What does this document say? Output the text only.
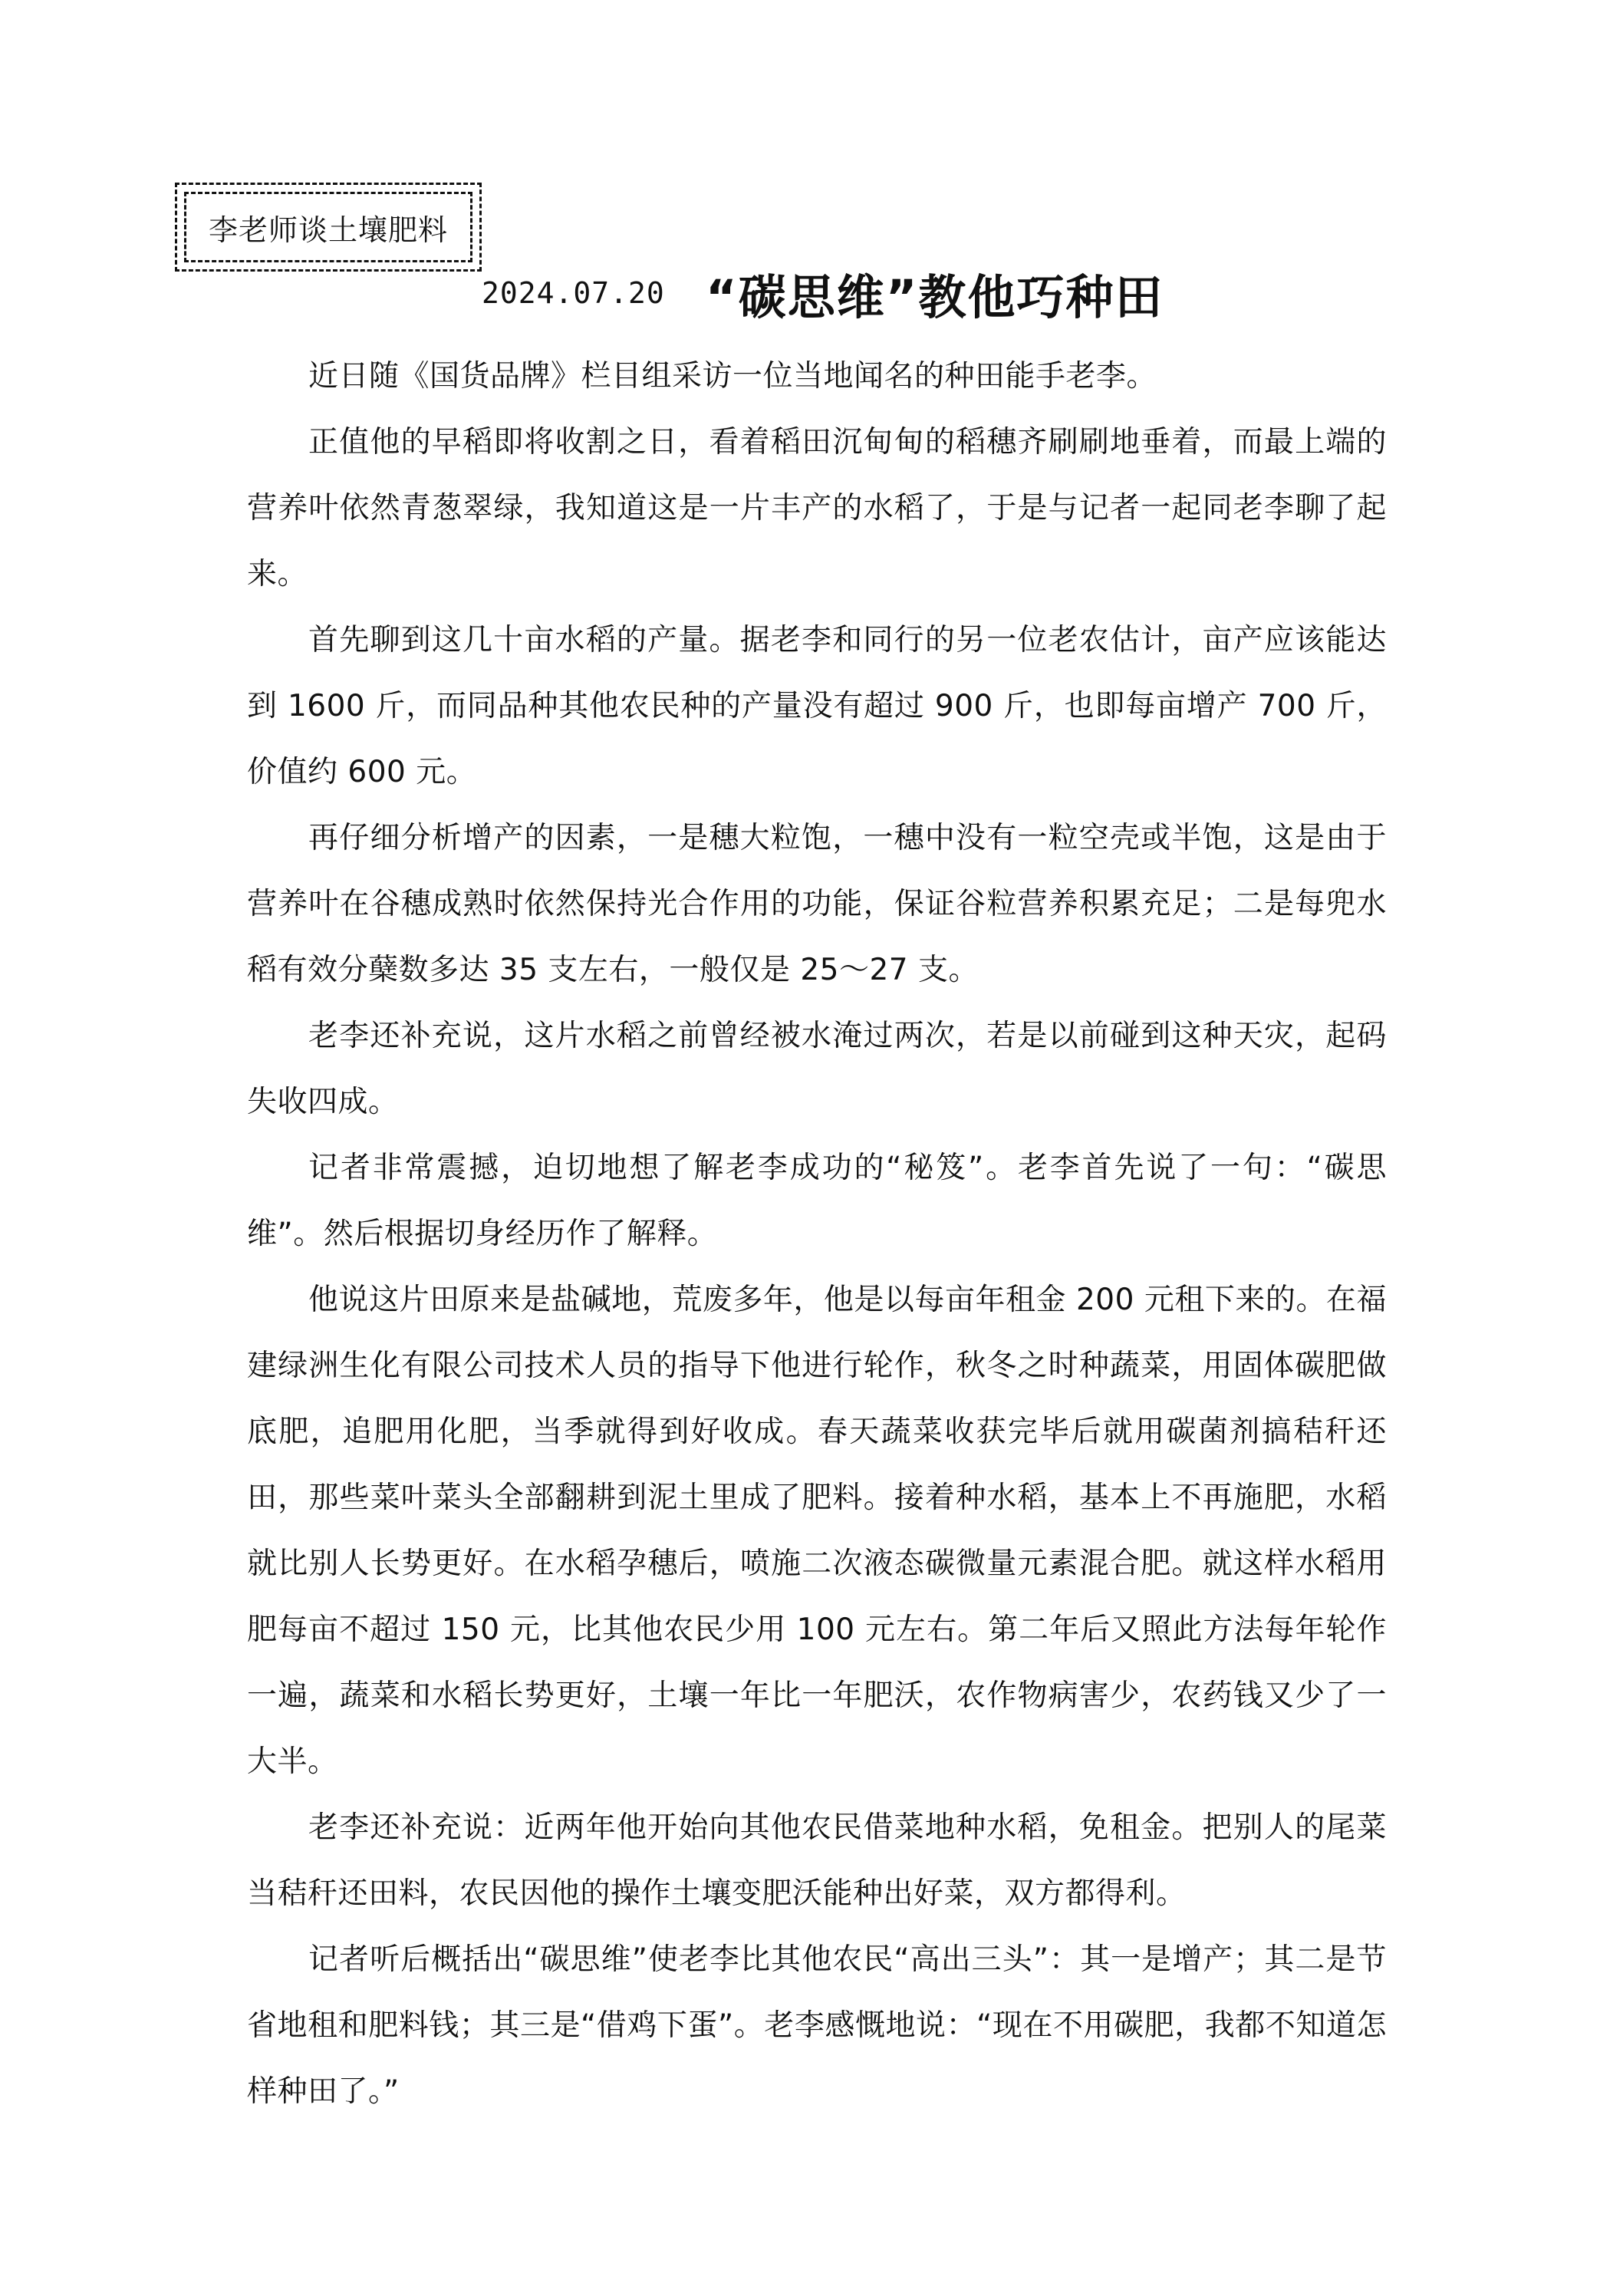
李老师谈土壤肥料
2024.07.20 “碳思维”教他巧种田

近日随《国货品牌》栏目组采访一位当地闻名的种田能手老李。

正值他的早稻即将收割之日，看着稻田沉甸甸的稻穗齐刷刷地垂着，而最上端的营养叶依然青葱翠绿，我知道这是一片丰产的水稻了，于是与记者一起同老李聊了起来。

首先聊到这几十亩水稻的产量。据老李和同行的另一位老农估计，亩产应该能达到 1600 斤，而同品种其他农民种的产量没有超过 900 斤，也即每亩增产 700 斤，价值约 600 元。

再仔细分析增产的因素，一是穗大粒饱，一穗中没有一粒空壳或半饱，这是由于营养叶在谷穗成熟时依然保持光合作用的功能，保证谷粒营养积累充足；二是每兜水稻有效分蘖数多达 35 支左右，一般仅是 25～27 支。

老李还补充说，这片水稻之前曾经被水淹过两次，若是以前碰到这种天灾，起码失收四成。

记者非常震撼，迫切地想了解老李成功的“秘笈”。老李首先说了一句：“碳思维”。然后根据切身经历作了解释。

他说这片田原来是盐碱地，荒废多年，他是以每亩年租金 200 元租下来的。在福建绿洲生化有限公司技术人员的指导下他进行轮作，秋冬之时种蔬菜，用固体碳肥做底肥，追肥用化肥，当季就得到好收成。春天蔬菜收获完毕后就用碳菌剂搞秸秆还田，那些菜叶菜头全部翻耕到泥土里成了肥料。接着种水稻，基本上不再施肥，水稻就比别人长势更好。在水稻孕穗后，喷施二次液态碳微量元素混合肥。就这样水稻用肥每亩不超过 150 元，比其他农民少用 100 元左右。第二年后又照此方法每年轮作一遍，蔬菜和水稻长势更好，土壤一年比一年肥沃，农作物病害少，农药钱又少了一大半。

老李还补充说：近两年他开始向其他农民借菜地种水稻，免租金。把别人的尾菜当秸秆还田料，农民因他的操作土壤变肥沃能种出好菜，双方都得利。

记者听后概括出“碳思维”使老李比其他农民“高出三头”：其一是增产；其二是节省地租和肥料钱；其三是“借鸡下蛋”。老李感慨地说：“现在不用碳肥，我都不知道怎样种田了。”
